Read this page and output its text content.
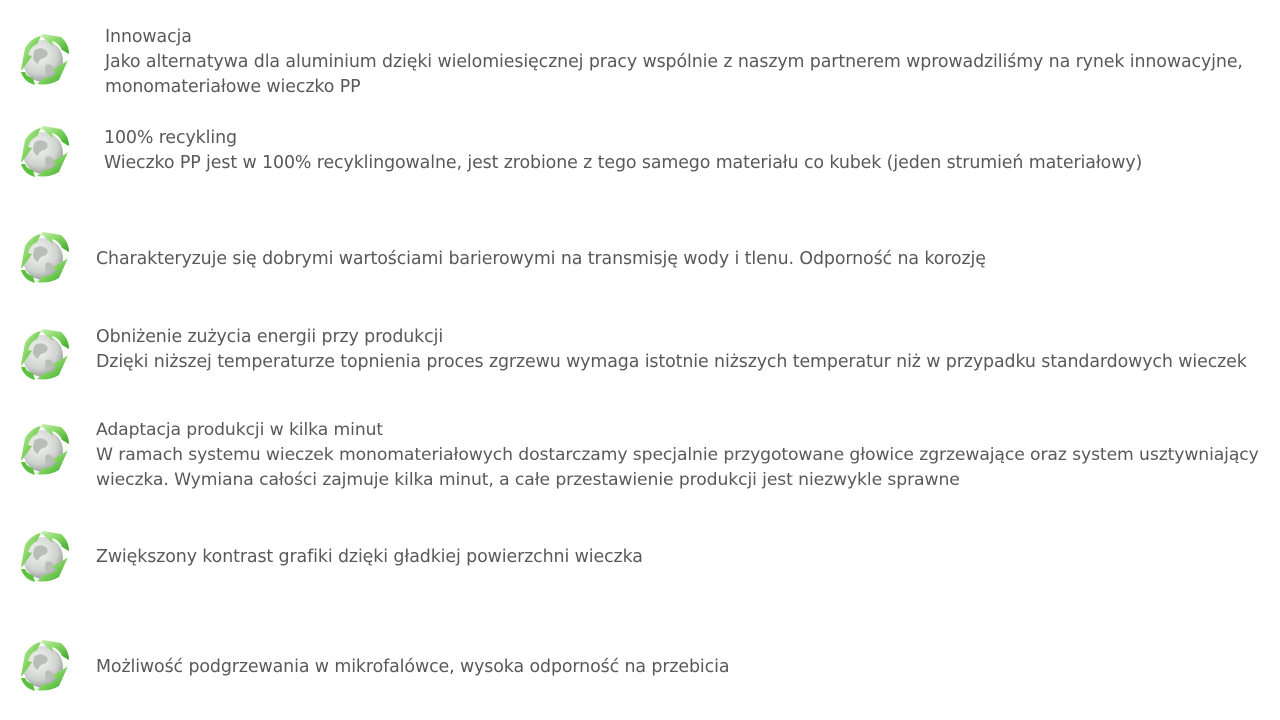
Innowacja
Jako alternatywa dla aluminium dzięki wielomiesięcznej pracy wspólnie z naszym partnerem wprowadziliśmy na rynek innowacyjne,
monomateriałowe wieczko PP
100% recykling
Wieczko PP jest w 100% recyklingowalne, jest zrobione z tego samego materiału co kubek (jeden strumień materiałowy)
Charakteryzuje się dobrymi wartościami barierowymi na transmisję wody i tlenu. Odporność na korozję
Obniżenie zużycia energii przy produkcji
Dzięki niższej temperaturze topnienia proces zgrzewu wymaga istotnie niższych temperatur niż w przypadku standardowych wieczek
Adaptacja produkcji w kilka minut
W ramach systemu wieczek monomateriałowych dostarczamy specjalnie przygotowane głowice zgrzewające oraz system usztywniający
wieczka. Wymiana całości zajmuje kilka minut, a całe przestawienie produkcji jest niezwykle sprawne
Zwiększony kontrast grafiki dzięki gładkiej powierzchni wieczka
Możliwość podgrzewania w mikrofalówce, wysoka odporność na przebicia
